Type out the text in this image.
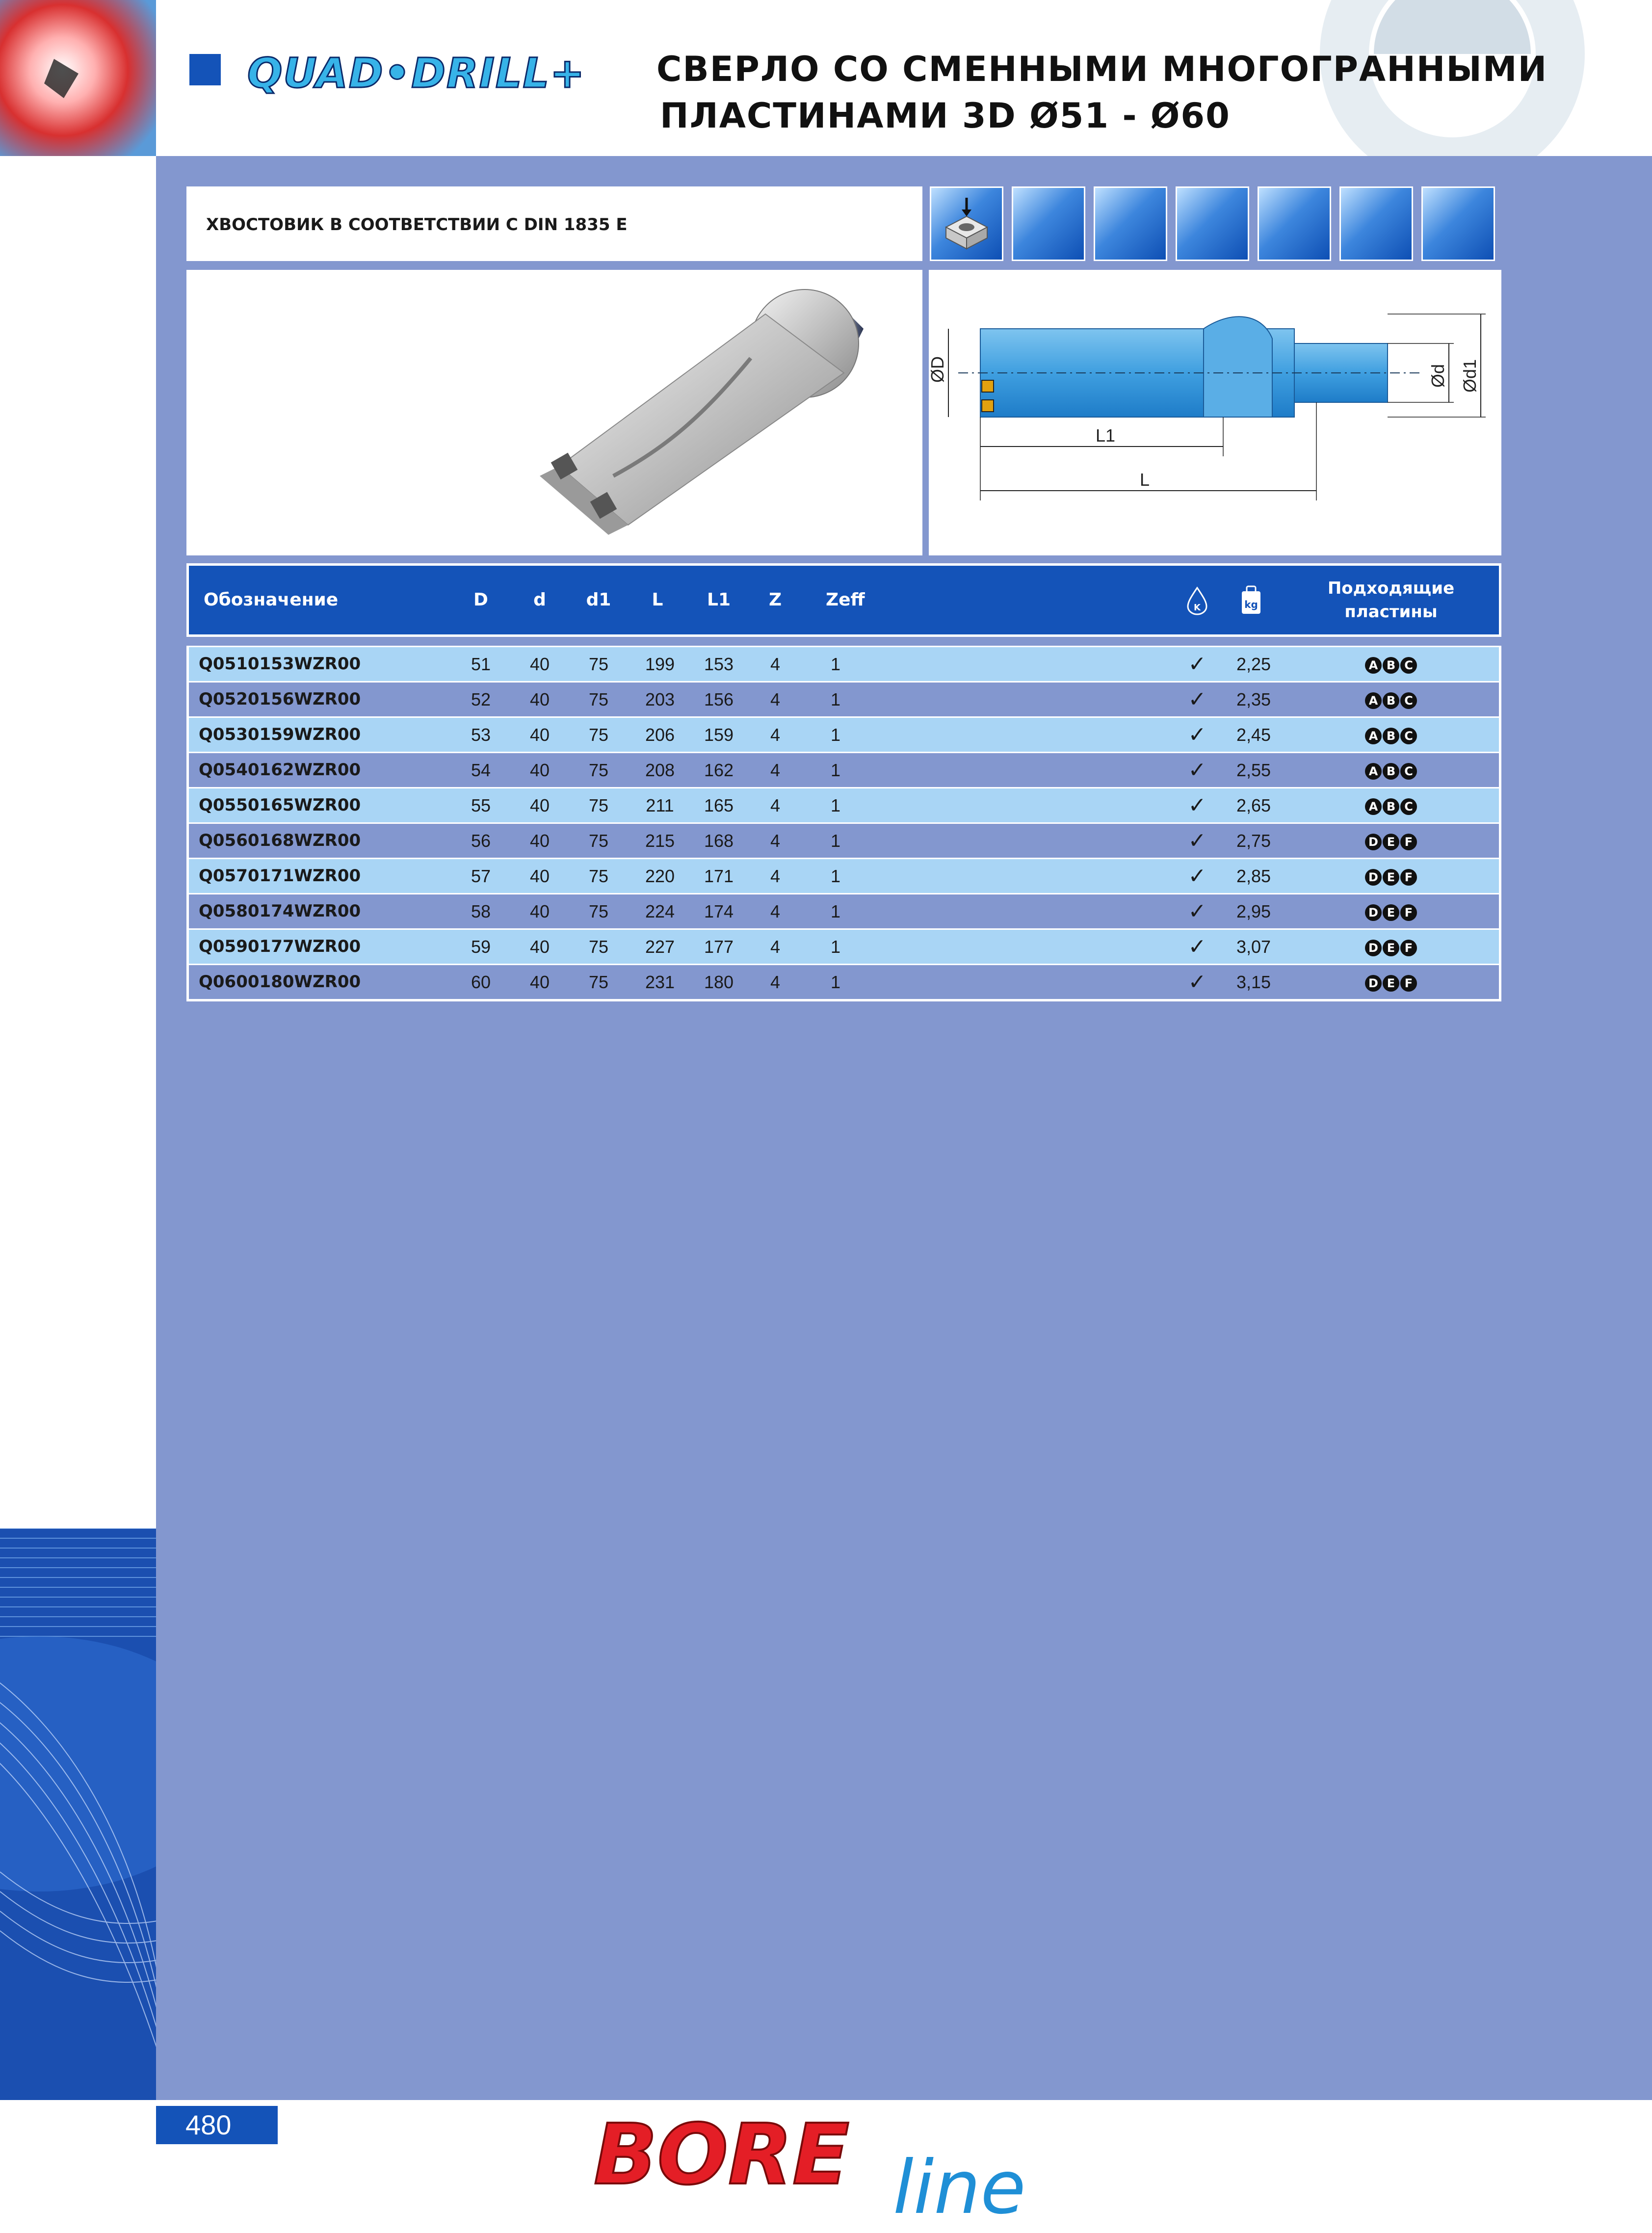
QUAD•DRILL+ СВЕРЛО СО СМЕННЫМИ МНОГОГРАННЫМИ
ПЛАСТИНАМИ 3D Ø51 - Ø60
ХВОСТОВИК В СООТВЕТСТВИИ С DIN 1835 E
ØD	Ød Ød1
L1
L
Обозначение	D	d	d1	L	L1	Z	Zeff	K	kg
Подходящие
пластины
Q0510153WZR00	51 40 75 199 153	4	1	✓ 2,25	A B C
Q0520156WZR00	52 40 75 203 156	4	1	✓ 2,35	A B C
Q0530159WZR00	53 40 75 206 159	4	1	✓ 2,45	A B C
Q0540162WZR00	54 40 75 208 162	4	1	✓ 2,55	A B C
Q0550165WZR00	55 40 75 211 165	4	1	✓ 2,65	A B C
Q0560168WZR00	56 40 75 215 168	4	1	✓ 2,75	D E F
Q0570171WZR00	57 40 75 220 171	4	1	✓ 2,85	D E F
Q0580174WZR00	58 40 75 224 174	4	1	✓ 2,95	D E F
Q0590177WZR00	59 40 75 227 177	4	1	✓ 3,07	D E F
Q0600180WZR00	60 40 75 231 180	4	1	✓ 3,15	D E F
480	BORE line
